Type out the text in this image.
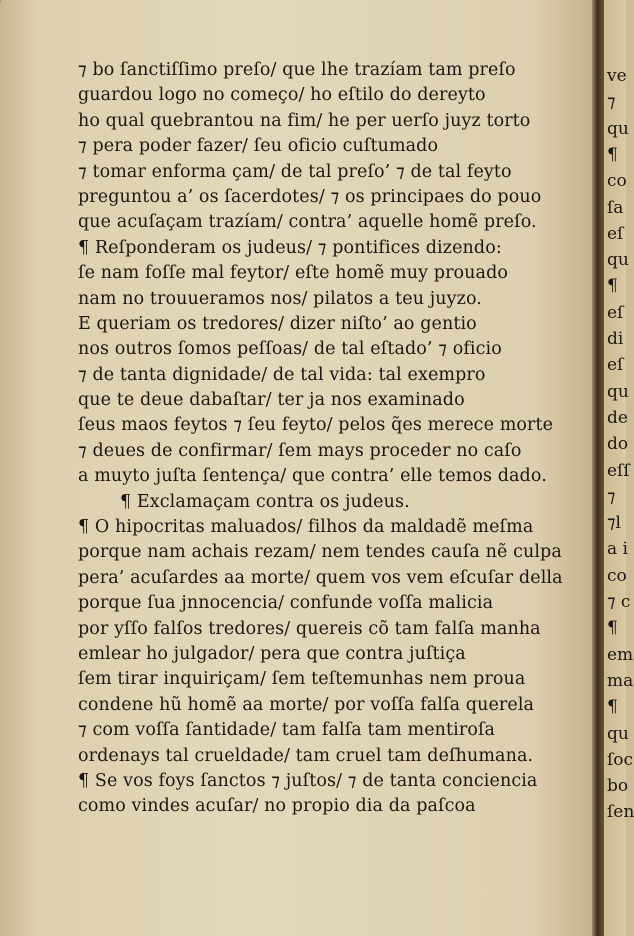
ve
⁊
qu
¶
co
ſa
eſ
qu
¶
eſ
di
eſ
qu
de
do
eſſ
⁊
⁊l
a i
co
⁊ c
¶
em
ma
¶
qu
ſoc
bo
ſen
⁊ bo ſanctiſſimo preſo/ que lhe trazíam tam preſo
guardou logo no começo/ ho eſtilo do dereyto
ho qual quebrantou na fim/ he per uerſo juyz torto
⁊ pera poder fazer/ ſeu oficio cuſtumado
⁊ tomar enforma çam/ de tal preſo’ ⁊ de tal feyto
preguntou a’ os ſacerdotes/ ⁊ os principaes do pouo
que acuſaçam trazíam/ contra’ aquelle homẽ preſo.
¶ Reſponderam os judeus/ ⁊ pontifices dizendo:
ſe nam foſſe mal feytor/ eſte homẽ muy prouado
nam no trouueramos nos/ pilatos a teu juyzo.
E queriam os tredores/ dizer niſto’ ao gentio
nos outros ſomos peſſoas/ de tal eſtado’ ⁊ oficio
⁊ de tanta dignidade/ de tal vida: tal exempro
que te deue dabaſtar/ ter ja nos examinado
ſeus maos feytos ⁊ ſeu feyto/ pelos q̃es merece morte
⁊ deues de confirmar/ ſem mays proceder no caſo
a muyto juſta ſentença/ que contra’ elle temos dado.
¶ Exclamaçam contra os judeus.
¶ O hipocritas maluados/ filhos da maldadẽ meſma
porque nam achais rezam/ nem tendes cauſa nẽ culpa
pera’ acuſardes aa morte/ quem vos vem eſcuſar della
porque ſua jnnocencia/ confunde voſſa malicia
por yſſo falſos tredores/ quereis cõ tam falſa manha
emlear ho julgador/ pera que contra juſtiça
ſem tirar inquiriçam/ ſem teſtemunhas nem proua
condene hũ homẽ aa morte/ por voſſa falſa querela
⁊ com voſſa ſantidade/ tam falſa tam mentiroſa
ordenays tal crueldade/ tam cruel tam deſhumana.
¶ Se vos foys ſanctos ⁊ juſtos/ ⁊ de tanta conciencia
como vindes acuſar/ no propio dia da paſcoa
